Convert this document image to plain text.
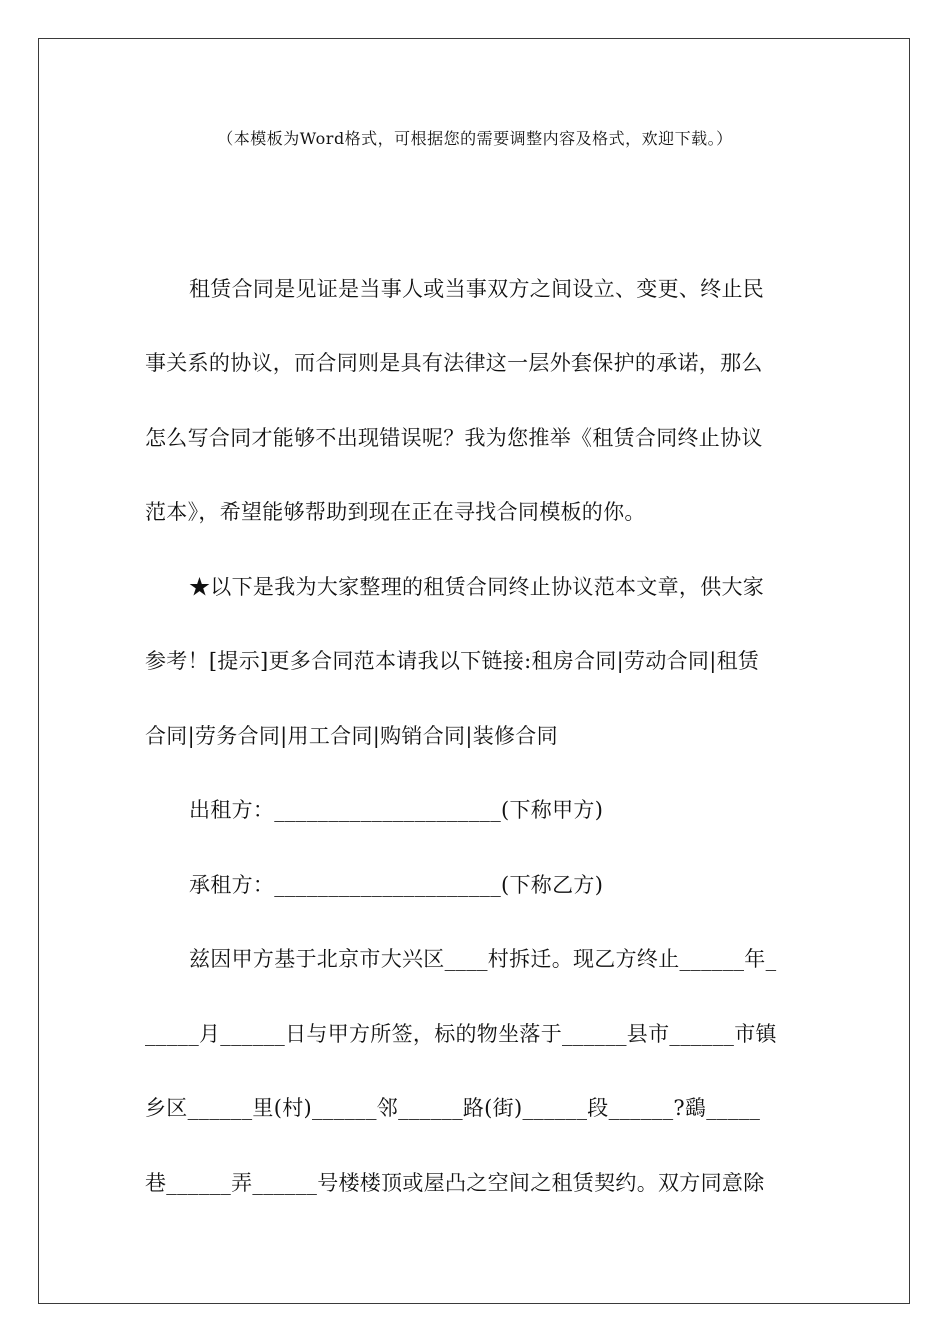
（本模板为Word格式，可根据您的需要调整内容及格式，欢迎下载。）
租赁合同是见证是当事人或当事双方之间设立、变更、终止民
事关系的协议，而合同则是具有法律这一层外套保护的承诺，那么
怎么写合同才能够不出现错误呢？我为您推举《租赁合同终止协议
范本》，希望能够帮助到现在正在寻找合同模板的你。
★以下是我为大家整理的租赁合同终止协议范本文章，供大家
参考！[提示]更多合同范本请我以下链接:租房合同|劳动合同|租赁
合同|劳务合同|用工合同|购销合同|装修合同
出租方：_____________________(下称甲方)
承租方：_____________________(下称乙方)
兹因甲方基于北京市大兴区____村拆迁。现乙方终止______年_
_____月______日与甲方所签，标的物坐落于______县市______市镇
乡区______里(村)______邻______路(街)______段______?鷂_____
巷______弄______号楼楼顶或屋凸之空间之租赁契约。双方同意除
